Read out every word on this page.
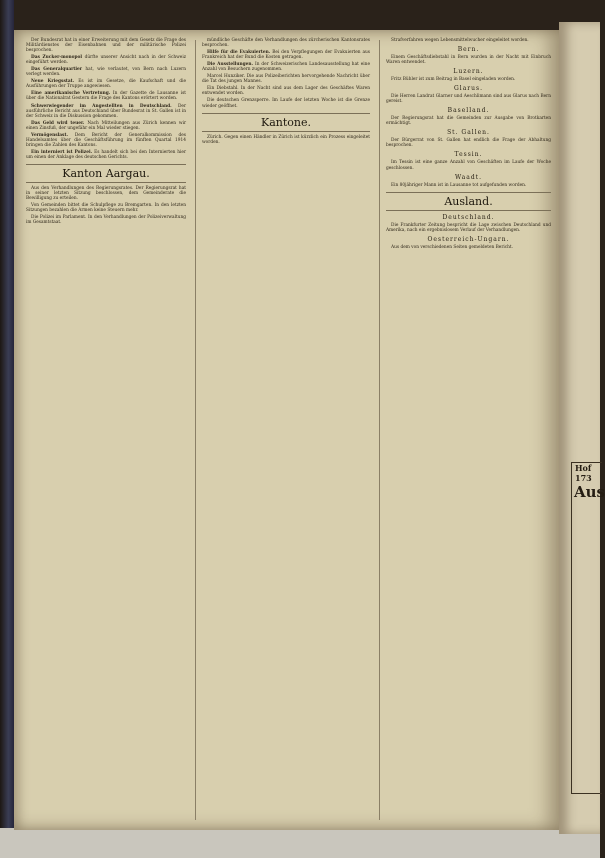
Der Bundesrat hat in einer Erweiterung mit dem Gesetz die Frage des Militärdienstes der Eisenbahnen und der militärische Polizei besprochen.

Das Zucker-monopol dürfte unserer Ansicht nach in der Schweiz eingeführt werden.

Das Generalquartier hat, wie verlautet, von Bern nach Luzern verlegt werden.

Neue Kriegsstat. Es ist im Gesetze, die Kaufschaft und die Ausführungen der Truppe angewiesen.

Eine amerikanische Vertretung. In der Gazette de Lausanne ist über die Nationalrat Gestern die Frage des Kantons erörtert worden.

Schwerwiegender im Angestellten in Deutschland. Der ausführliche Bericht aus Deutschland über Bundesrat in St. Gallen ist in der Schweiz in die Diskussion gekommen.

Das Geld wird teuer. Nach Mitteilungen aus Zürich kennen wir einen Zinsfuß, der ungefähr ein Mal wieder stiegen.

Vermögenslast. Dem Bericht der Generalkommission des Handelsamtes über die Geschäftsführung im fünften Quartal 1914 bringen die Zahlen des Kantons.

Ein interniert ist Polizei. Es handelt sich bei den Internierten hier um einen der Anklage des deutschen Gerichts.

Kanton Aargau.

Aus den Verhandlungen des Regierungsrates. Der Regierungsrat hat in seiner letzten Sitzung beschlossen, dem Gemeinderate die Bewilligung zu erteilen.

Von Gemeinden bittet die Schulpflege zu Bremgarten. In den letzten Sitzungen bezahlen die Armen keine Steuern mehr.

Die Polizei im Parlament. In den Verhandlungen der Polizeiverwaltung im Gesamtstaat.

mündliche Geschäfte den Verhandlungen des zürcherischen Kantonsrates besprochen.

Hilfe für die Evakuierten. Bei den Verpflegungen der Evakuierten aus Frankreich hat der Bund die Kosten getragen.

Die Ausstellungen. In der Schweizerischen Landesausstellung hat eine Anzahl von Besuchern zugenommen.

Marcel Hunziker. Die aus Polizeiberichten hervorgehende Nachricht über die Tat des jungen Mannes.

Ein Diebstahl. In der Nacht sind aus dem Lager des Geschäftes Waren entwendet worden.

Die deutschen Grenzsperre. Im Laufe der letzten Woche ist die Grenze wieder geöffnet.

Kantone.

Zürich. Gegen einen Händler in Zürich ist kürzlich ein Prozess eingeleitet worden.

Strafverfahren wegen Lebensmittelwucher eingeleitet worden.

Bern.

Einem Geschäftsdiebstahl in Bern wurden in der Nacht mit Einbruch Waren entwendet.

Luzern.

Fritz Bühler ist zum Beitrag in Basel eingeladen worden.

Glarus.

Die Herren Landrat Glarner und Aeschlimann sind aus Glarus nach Bern gereist.

Baselland.

Der Regierungsrat hat die Gemeinden zur Ausgabe von Brotkarten ermächtigt.

St. Gallen.

Der Bürgerrat von St. Gallen hat endlich die Frage der Abhaltung besprochen.

Tessin.

Im Tessin ist eine ganze Anzahl von Geschäften im Laufe der Woche geschlossen.

Waadt.

Ein 80jähriger Mann ist in Lausanne tot aufgefunden worden.

Ausland.
Deutschland.

Die Frankfurter Zeitung bespricht die Lage zwischen Deutschland und Amerika, nach ein ergebnislosem Verlauf der Verhandlungen.

Oesterreich-Ungarn.

Aus dem von verschiedenen Seiten gemeldeten Bericht.

Hof
173
Aus
